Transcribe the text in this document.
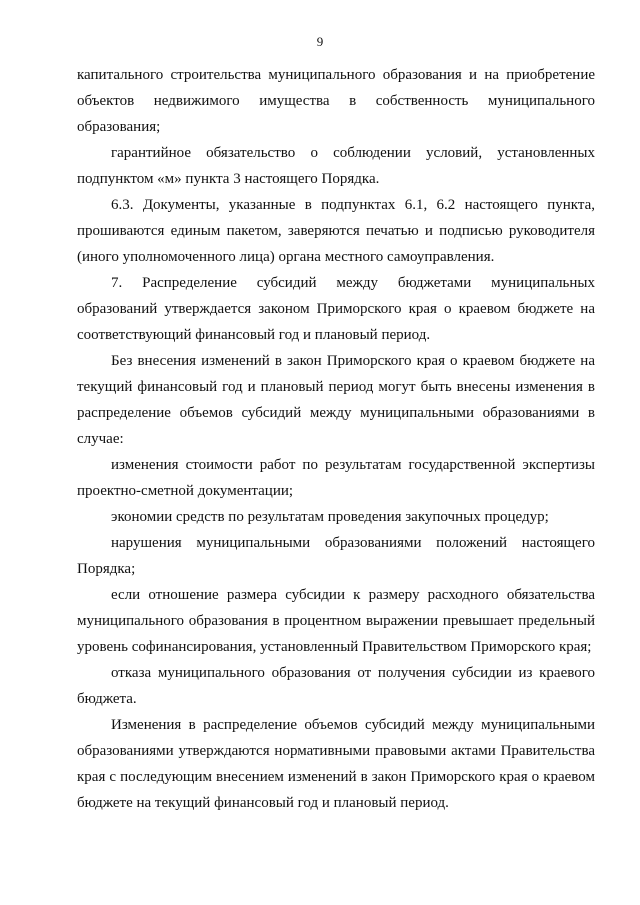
9

капитального строительства муниципального образования и на приобретение объектов недвижимого имущества в собственность муниципального образования;

гарантийное обязательство о соблюдении условий, установленных подпунктом «м» пункта 3 настоящего Порядка.

6.3. Документы, указанные в подпунктах 6.1, 6.2 настоящего пункта, прошиваются единым пакетом, заверяются печатью и подписью руководителя (иного уполномоченного лица) органа местного самоуправления.

7. Распределение субсидий между бюджетами муниципальных образований утверждается законом Приморского края о краевом бюджете на соответствующий финансовый год и плановый период.

Без внесения изменений в закон Приморского края о краевом бюджете на текущий финансовый год и плановый период могут быть внесены изменения в распределение объемов субсидий между муниципальными образованиями в случае:

изменения стоимости работ по результатам государственной экспертизы проектно-сметной документации;

экономии средств по результатам проведения закупочных процедур;

нарушения муниципальными образованиями положений настоящего Порядка;

если отношение размера субсидии к размеру расходного обязательства муниципального образования в процентном выражении превышает предельный уровень софинансирования, установленный Правительством Приморского края;

отказа муниципального образования от получения субсидии из краевого бюджета.

Изменения в распределение объемов субсидий между муниципальными образованиями утверждаются нормативными правовыми актами Правительства края с последующим внесением изменений в закон Приморского края о краевом бюджете на текущий финансовый год и плановый период.
